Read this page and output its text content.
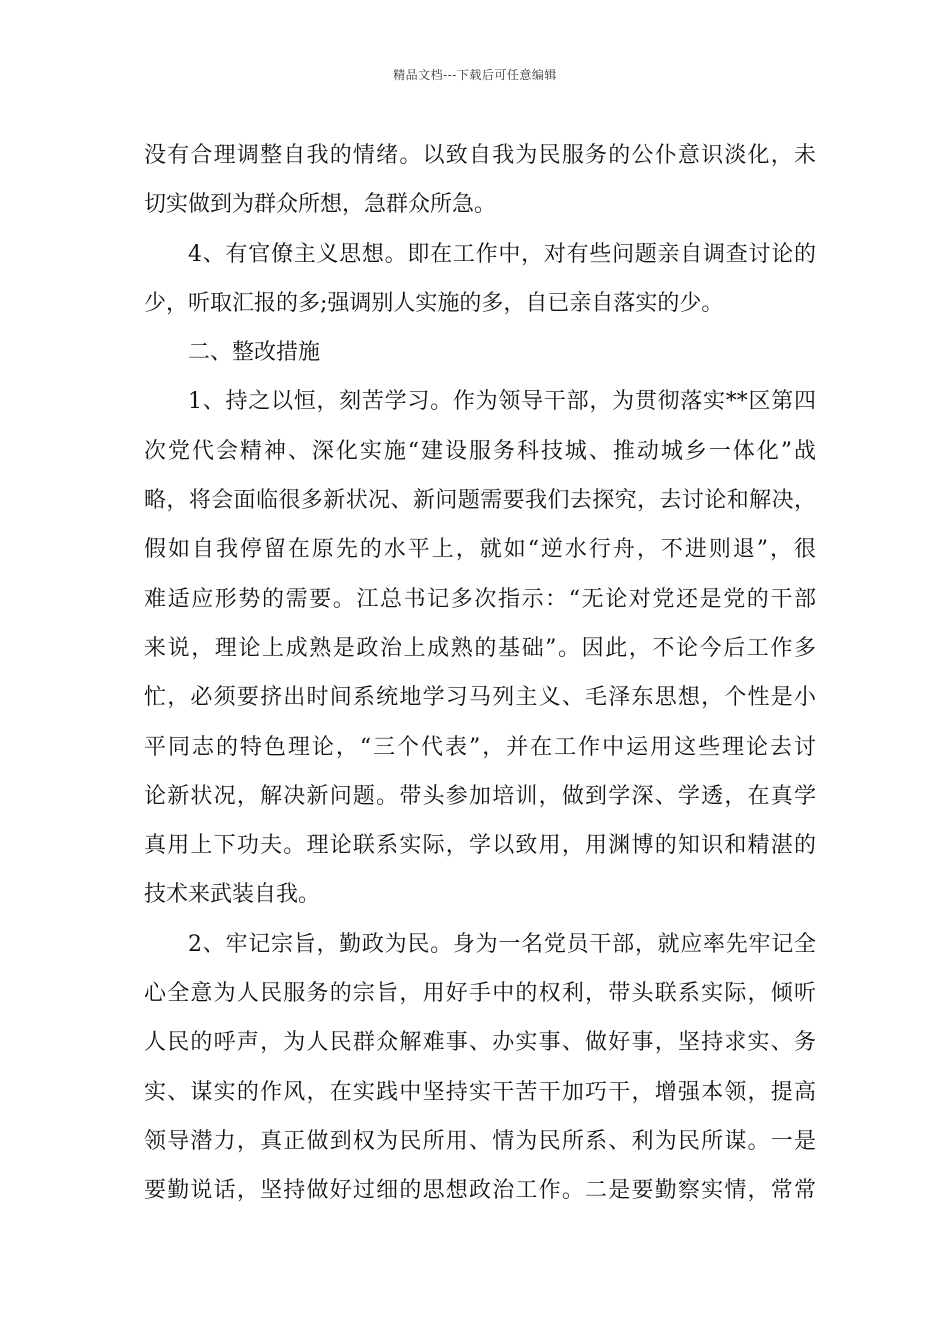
精品文档---下载后可任意编辑
没有合理调整自我的情绪。以致自我为民服务的公仆意识淡化，未
切实做到为群众所想，急群众所急。
4、有官僚主义思想。即在工作中，对有些问题亲自调查讨论的
少，听取汇报的多;强调别人实施的多，自已亲自落实的少。
二、整改措施
1、持之以恒，刻苦学习。作为领导干部，为贯彻落实**区第四
次党代会精神、深化实施“建设服务科技城、推动城乡一体化”战
略，将会面临很多新状况、新问题需要我们去探究，去讨论和解决，
假如自我停留在原先的水平上，就如“逆水行舟，不进则退”，很
难适应形势的需要。江总书记多次指示：“无论对党还是党的干部
来说，理论上成熟是政治上成熟的基础”。因此，不论今后工作多
忙，必须要挤出时间系统地学习马列主义、毛泽东思想，个性是小
平同志的特色理论，“三个代表”，并在工作中运用这些理论去讨
论新状况，解决新问题。带头参加培训，做到学深、学透，在真学
真用上下功夫。理论联系实际，学以致用，用渊博的知识和精湛的
技术来武装自我。
2、牢记宗旨，勤政为民。身为一名党员干部，就应率先牢记全
心全意为人民服务的宗旨，用好手中的权利，带头联系实际，倾听
人民的呼声，为人民群众解难事、办实事、做好事，坚持求实、务
实、谋实的作风，在实践中坚持实干苦干加巧干，增强本领，提高
领导潜力，真正做到权为民所用、情为民所系、利为民所谋。一是
要勤说话，坚持做好过细的思想政治工作。二是要勤察实情，常常
